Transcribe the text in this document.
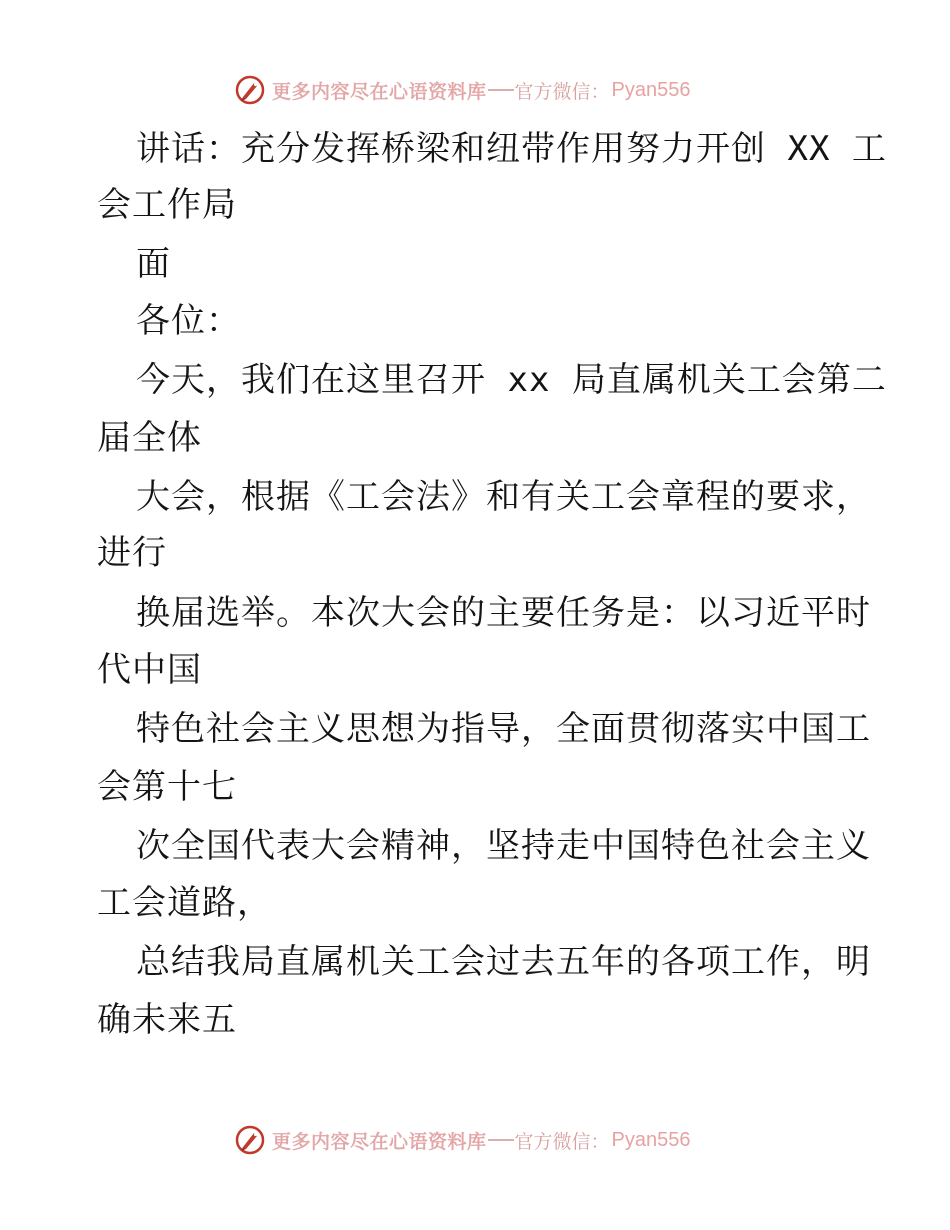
更多内容尽在心语资料库 官方微信： Pyan556
讲话：充分发挥桥梁和纽带作用努力开创 XX 工
会工作局
面
各位：
今天，我们在这里召开 xx 局直属机关工会第二
届全体
大会，根据《工会法》和有关工会章程的要求，
进行
换届选举。本次大会的主要任务是：以习近平时
代中国
特色社会主义思想为指导，全面贯彻落实中国工
会第十七
次全国代表大会精神，坚持走中国特色社会主义
工会道路，
总结我局直属机关工会过去五年的各项工作，明
确未来五
更多内容尽在心语资料库 官方微信： Pyan556
